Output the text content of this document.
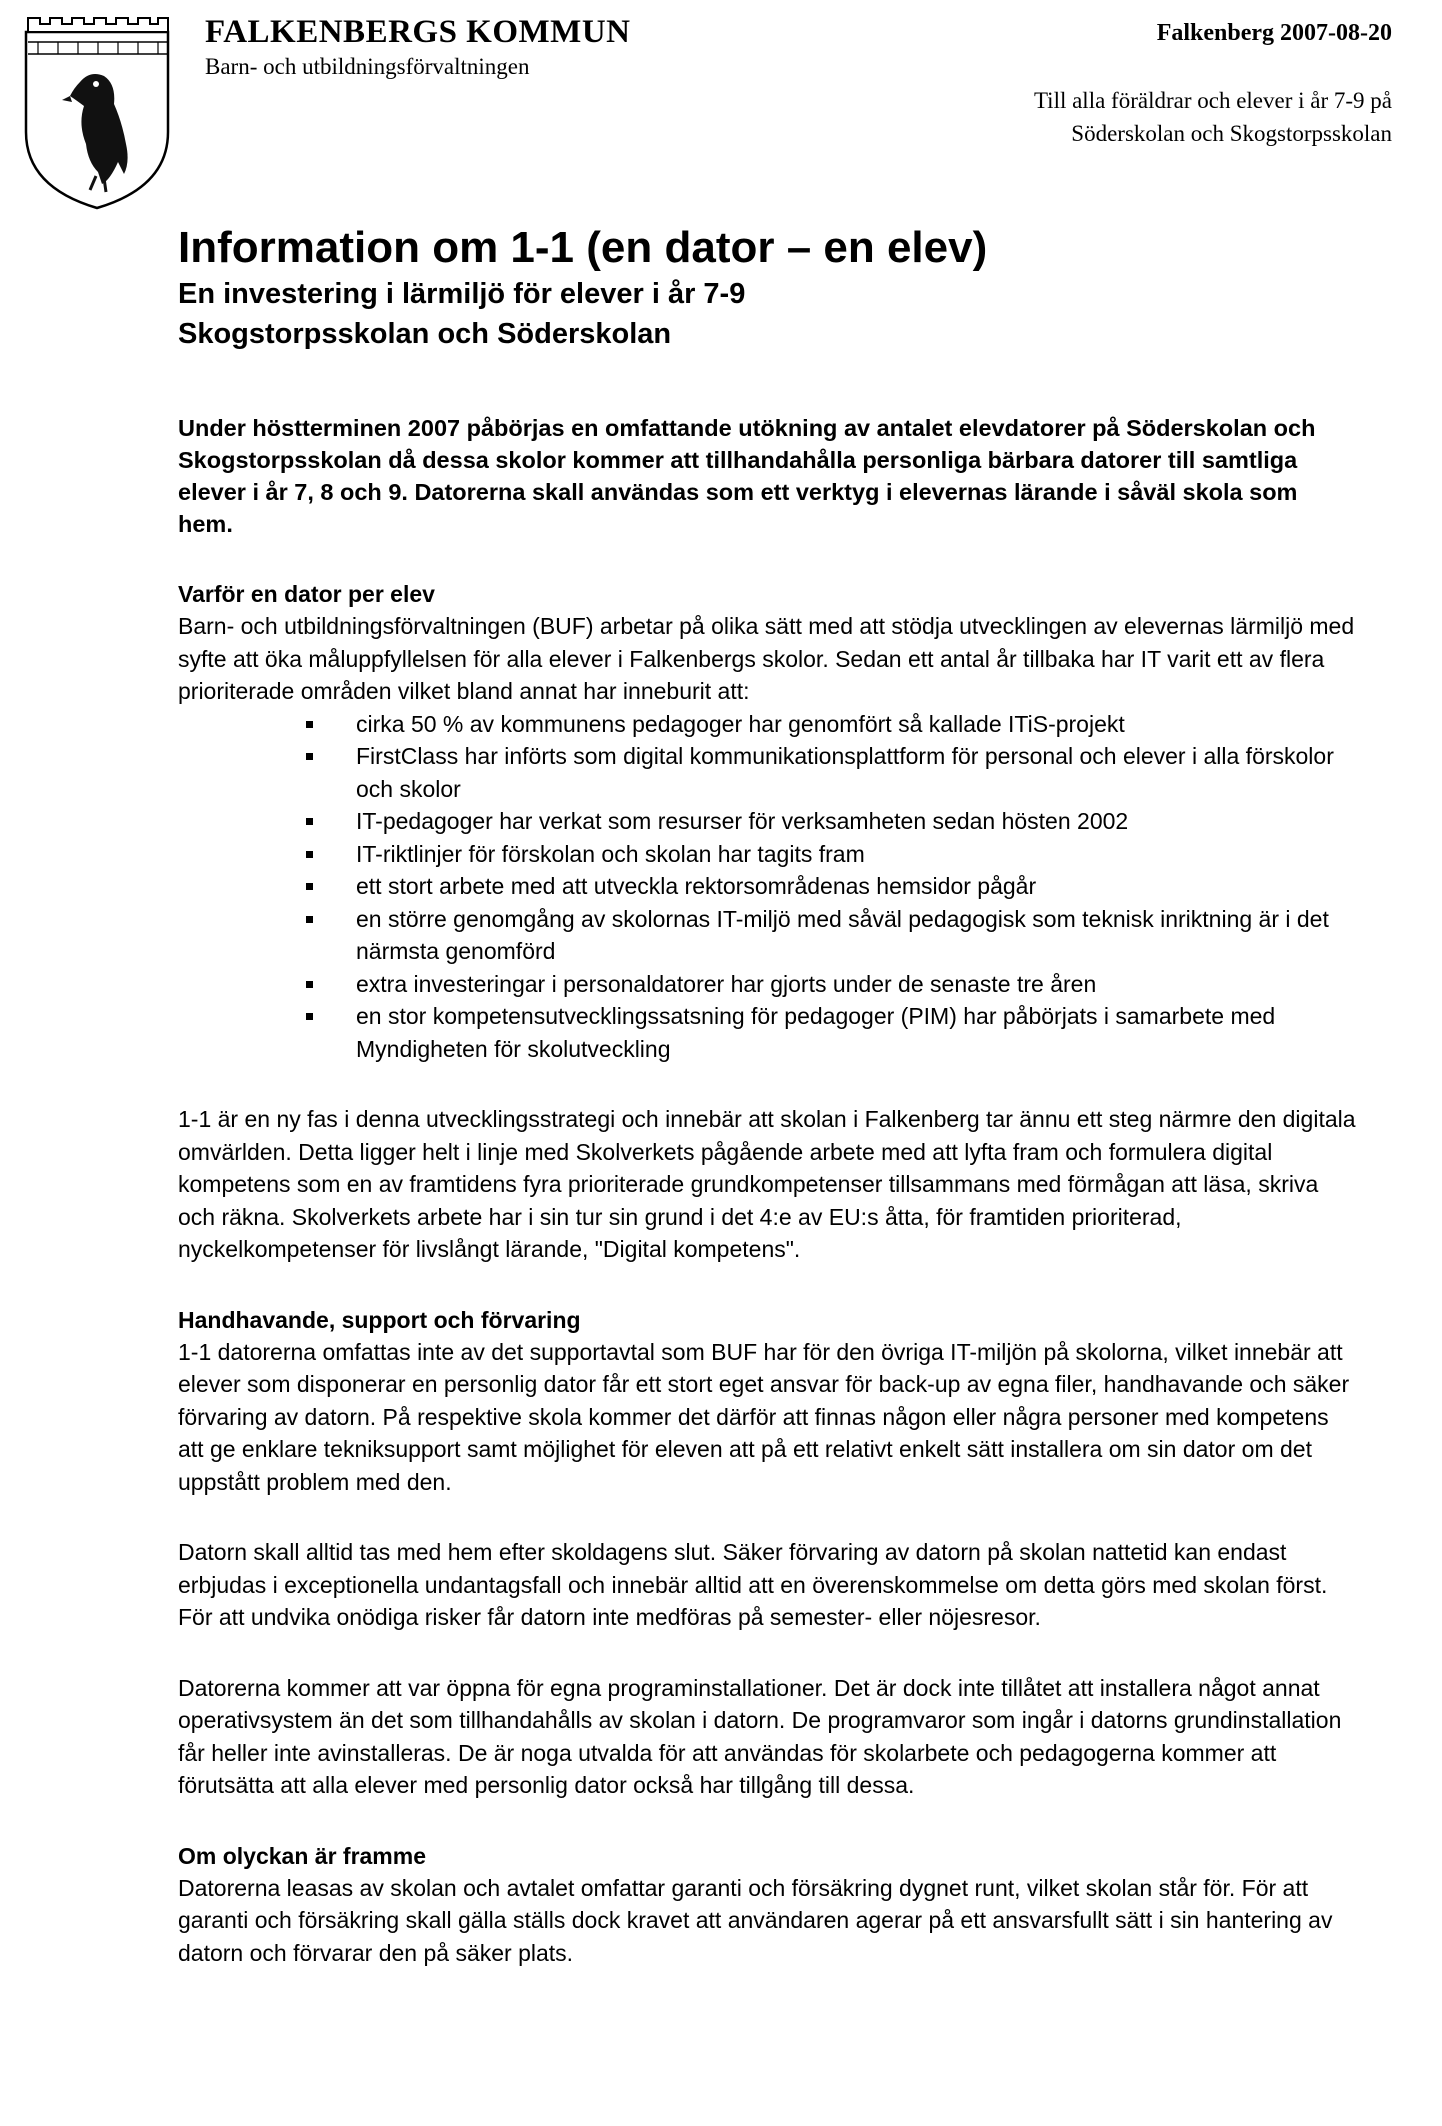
FALKENBERGS KOMMUN
Barn- och utbildningsförvaltningen
Falkenberg 2007-08-20
Till alla föräldrar och elever i år 7-9 på
Söderskolan och Skogstorpsskolan
Information om 1-1 (en dator – en elev)
En investering i lärmiljö för elever i år 7-9
Skogstorpsskolan och Söderskolan

Under höstterminen 2007 påbörjas en omfattande utökning av antalet elevdatorer på Söderskolan och Skogstorpsskolan då dessa skolor kommer att tillhandahålla personliga bärbara datorer till samtliga elever i år 7, 8 och 9. Datorerna skall användas som ett verktyg i elevernas lärande i såväl skola som hem.

Varför en dator per elev

Barn- och utbildningsförvaltningen (BUF) arbetar på olika sätt med att stödja utvecklingen av elevernas lärmiljö med syfte att öka måluppfyllelsen för alla elever i Falkenbergs skolor. Sedan ett antal år tillbaka har IT varit ett av flera prioriterade områden vilket bland annat har inneburit att:

cirka 50 % av kommunens pedagoger har genomfört så kallade ITiS-projekt
FirstClass har införts som digital kommunikationsplattform för personal och elever i alla förskolor och skolor
IT-pedagoger har verkat som resurser för verksamheten sedan hösten 2002
IT-riktlinjer för förskolan och skolan har tagits fram
ett stort arbete med att utveckla rektorsområdenas hemsidor pågår
en större genomgång av skolornas IT-miljö med såväl pedagogisk som teknisk inriktning är i det närmsta genomförd
extra investeringar i personaldatorer har gjorts under de senaste tre åren
en stor kompetensutvecklingssatsning för pedagoger (PIM) har påbörjats i samarbete med Myndigheten för skolutveckling

1-1 är en ny fas i denna utvecklingsstrategi och innebär att skolan i Falkenberg tar ännu ett steg närmre den digitala omvärlden. Detta ligger helt i linje med Skolverkets pågående arbete med att lyfta fram och formulera digital kompetens som en av framtidens fyra prioriterade grundkompetenser tillsammans med förmågan att läsa, skriva och räkna. Skolverkets arbete har i sin tur sin grund i det 4:e av EU:s åtta, för framtiden prioriterad, nyckelkompetenser för livslångt lärande, "Digital kompetens".

Handhavande, support och förvaring

1-1 datorerna omfattas inte av det supportavtal som BUF har för den övriga IT-miljön på skolorna, vilket innebär att elever som disponerar en personlig dator får ett stort eget ansvar för back-up av egna filer, handhavande och säker förvaring av datorn. På respektive skola kommer det därför att finnas någon eller några personer med kompetens att ge enklare tekniksupport samt möjlighet för eleven att på ett relativt enkelt sätt installera om sin dator om det uppstått problem med den.

Datorn skall alltid tas med hem efter skoldagens slut. Säker förvaring av datorn på skolan nattetid kan endast erbjudas i exceptionella undantagsfall och innebär alltid att en överenskommelse om detta görs med skolan först. För att undvika onödiga risker får datorn inte medföras på semester- eller nöjesresor.

Datorerna kommer att var öppna för egna programinstallationer. Det är dock inte tillåtet att installera något annat operativsystem än det som tillhandahålls av skolan i datorn. De programvaror som ingår i datorns grundinstallation får heller inte avinstalleras. De är noga utvalda för att användas för skolarbete och pedagogerna kommer att förutsätta att alla elever med personlig dator också har tillgång till dessa.

Om olyckan är framme

Datorerna leasas av skolan och avtalet omfattar garanti och försäkring dygnet runt, vilket skolan står för. För att garanti och försäkring skall gälla ställs dock kravet att användaren agerar på ett ansvarsfullt sätt i sin hantering av datorn och förvarar den på säker plats.
